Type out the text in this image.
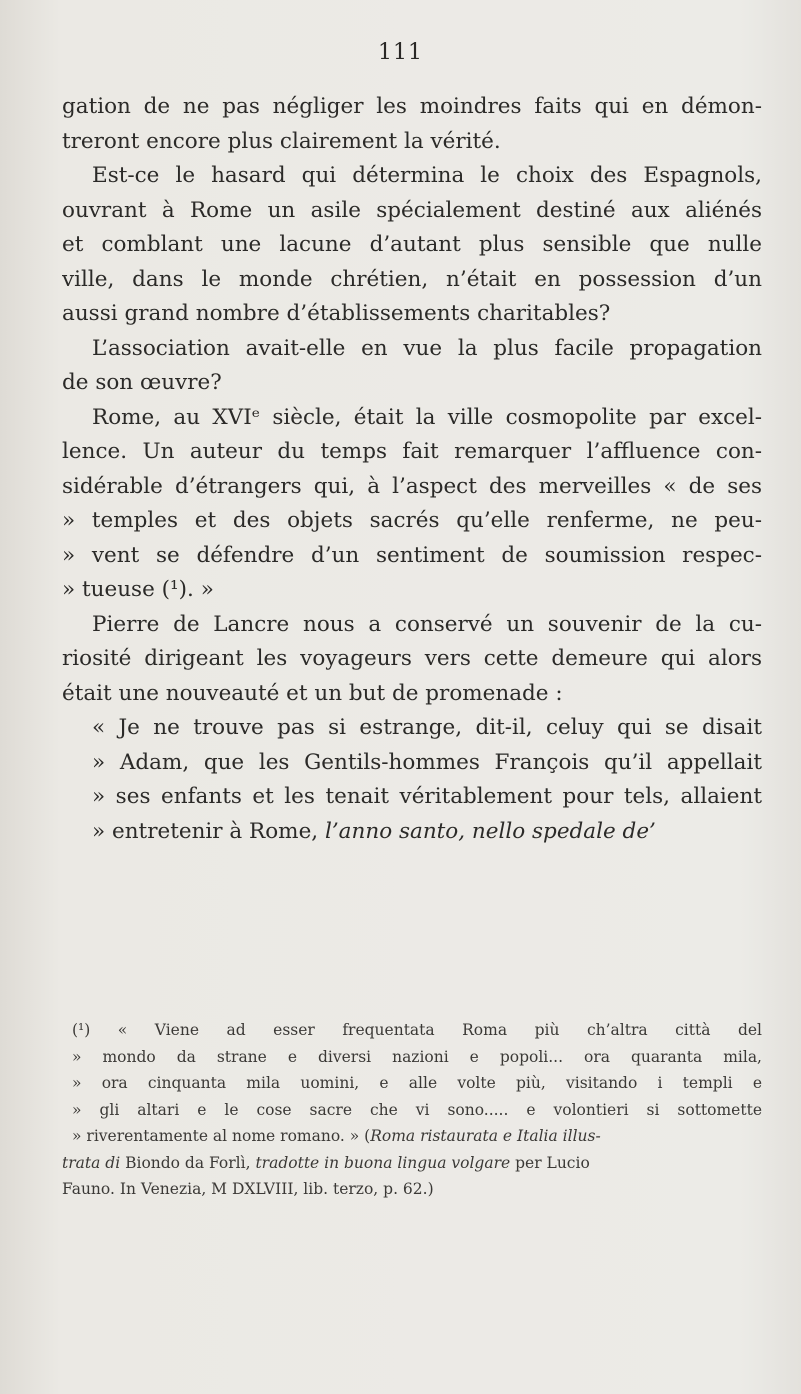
111
gation de ne pas négliger les moindres faits qui en démon-
treront encore plus clairement la vérité.
Est-ce le hasard qui détermina le choix des Espagnols,
ouvrant à Rome un asile spécialement destiné aux aliénés
et comblant une lacune d’autant plus sensible que nulle
ville, dans le monde chrétien, n’était en possession d’un
aussi grand nombre d’établissements charitables?
L’association avait-elle en vue la plus facile propagation
de son œuvre?
Rome, au XVIᵉ siècle, était la ville cosmopolite par excel-
lence. Un auteur du temps fait remarquer l’affluence con-
sidérable d’étrangers qui, à l’aspect des merveilles « de ses
» temples et des objets sacrés qu’elle renferme, ne peu-
» vent se défendre d’un sentiment de soumission respec-
» tueuse (¹). »
Pierre de Lancre nous a conservé un souvenir de la cu-
riosité dirigeant les voyageurs vers cette demeure qui alors
était une nouveauté et un but de promenade :
« Je ne trouve pas si estrange, dit-il, celuy qui se disait
» Adam, que les Gentils-hommes François qu’il appellait
» ses enfants et les tenait véritablement pour tels, allaient
» entretenir à Rome, l’anno santo, nello spedale de’
(¹) « Viene ad esser frequentata Roma più ch’altra città del
» mondo da strane e diversi nazioni e popoli... ora quaranta mila,
» ora cinquanta mila uomini, e alle volte più, visitando i templi e
» gli altari e le cose sacre che vi sono..... e volontieri si sottomette
» riverentamente al nome romano. » (Roma ristaurata e Italia illus-
trata di Biondo da Forlì, tradotte in buona lingua volgare per Lucio
Fauno. In Venezia, M DXLVIII, lib. terzo, p. 62.)
